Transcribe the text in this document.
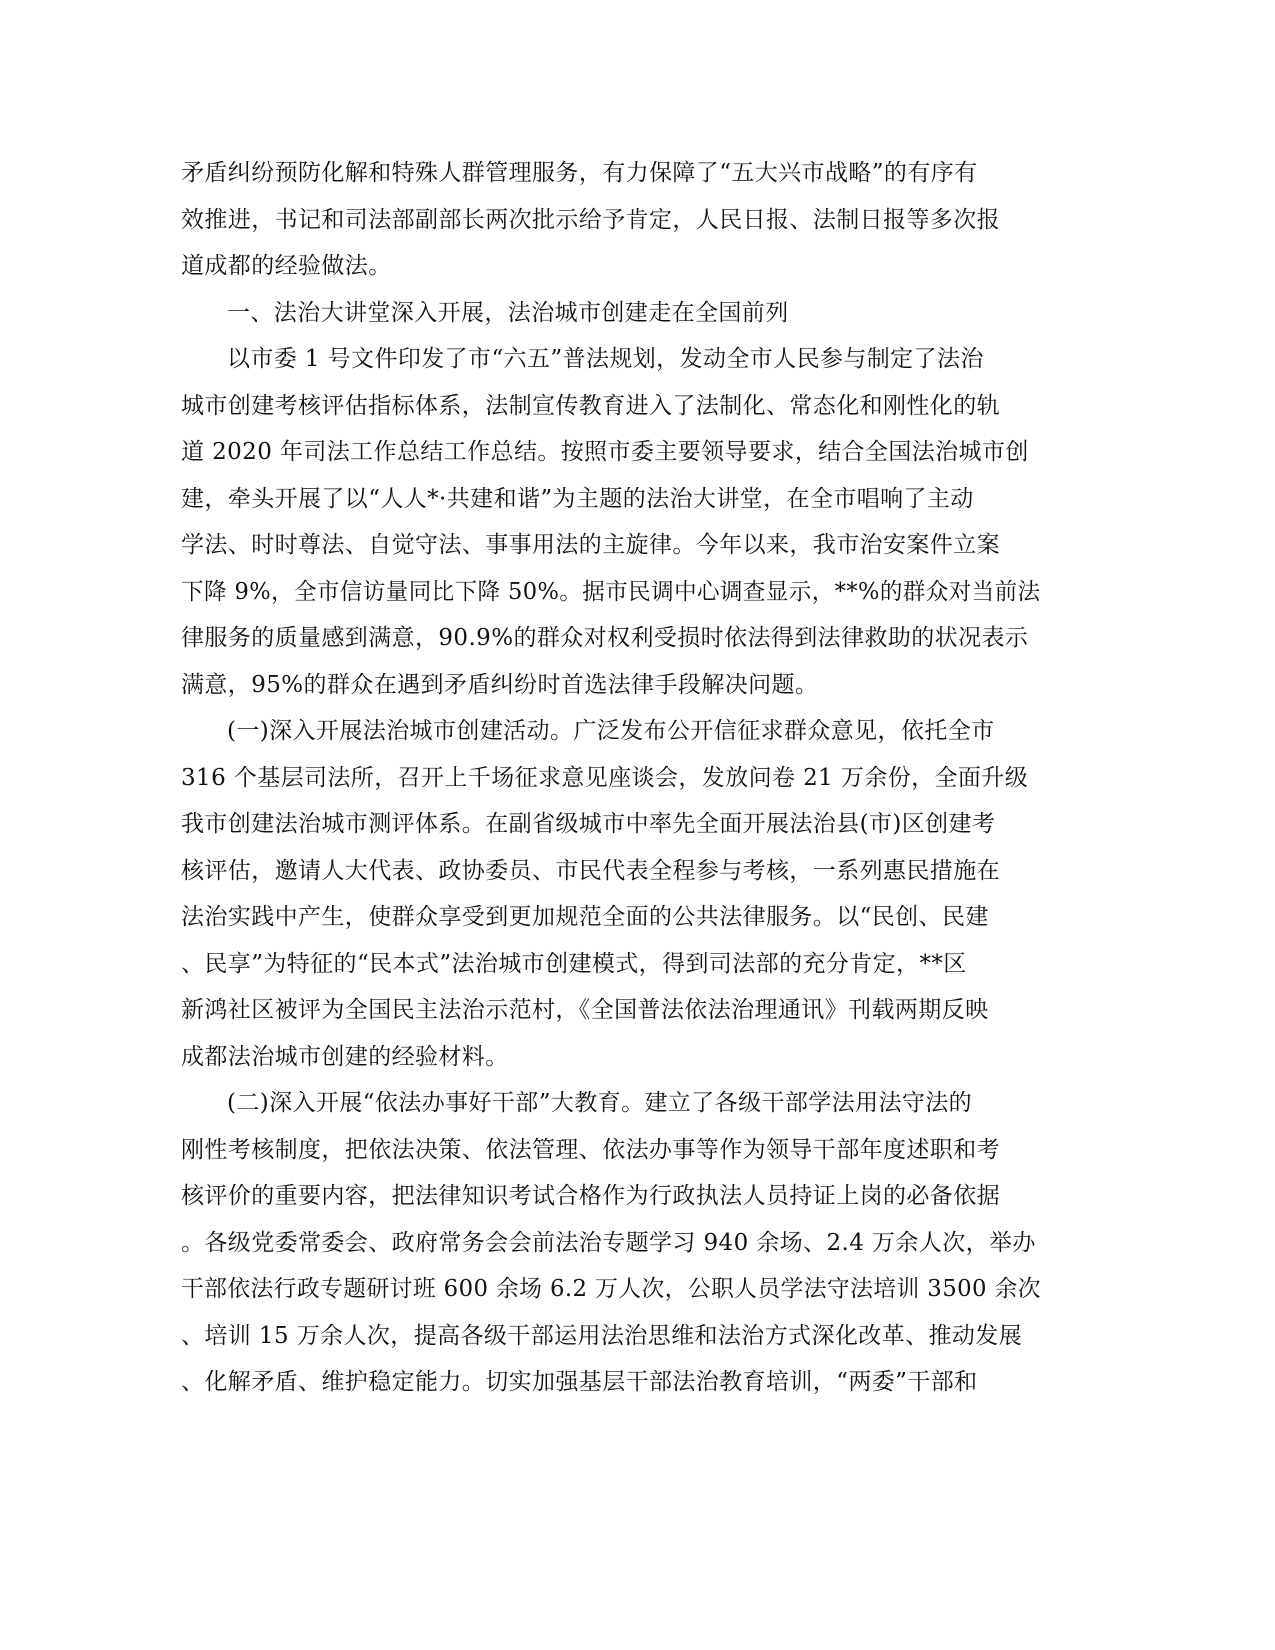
矛盾纠纷预防化解和特殊人群管理服务，有力保障了“五大兴市战略”的有序有
效推进，书记和司法部副部长两次批示给予肯定，人民日报、法制日报等多次报
道成都的经验做法。
一、法治大讲堂深入开展，法治城市创建走在全国前列
以市委 1 号文件印发了市“六五”普法规划，发动全市人民参与制定了法治
城市创建考核评估指标体系，法制宣传教育进入了法制化、常态化和刚性化的轨
道 2020 年司法工作总结工作总结。按照市委主要领导要求，结合全国法治城市创
建，牵头开展了以“人人*·共建和谐”为主题的法治大讲堂，在全市唱响了主动
学法、时时尊法、自觉守法、事事用法的主旋律。今年以来，我市治安案件立案
下降 9%，全市信访量同比下降 50%。据市民调中心调查显示，**%的群众对当前法
律服务的质量感到满意，90.9%的群众对权利受损时依法得到法律救助的状况表示
满意，95%的群众在遇到矛盾纠纷时首选法律手段解决问题。
(一)深入开展法治城市创建活动。广泛发布公开信征求群众意见，依托全市
316 个基层司法所，召开上千场征求意见座谈会，发放问卷 21 万余份，全面升级
我市创建法治城市测评体系。在副省级城市中率先全面开展法治县(市)区创建考
核评估，邀请人大代表、政协委员、市民代表全程参与考核，一系列惠民措施在
法治实践中产生，使群众享受到更加规范全面的公共法律服务。以“民创、民建
、民享”为特征的“民本式”法治城市创建模式，得到司法部的充分肯定，**区
新鸿社区被评为全国民主法治示范村，《全国普法依法治理通讯》刊载两期反映
成都法治城市创建的经验材料。
(二)深入开展“依法办事好干部”大教育。建立了各级干部学法用法守法的
刚性考核制度，把依法决策、依法管理、依法办事等作为领导干部年度述职和考
核评价的重要内容，把法律知识考试合格作为行政执法人员持证上岗的必备依据
。各级党委常委会、政府常务会会前法治专题学习 940 余场、2.4 万余人次，举办
干部依法行政专题研讨班 600 余场 6.2 万人次，公职人员学法守法培训 3500 余次
、培训 15 万余人次，提高各级干部运用法治思维和法治方式深化改革、推动发展
、化解矛盾、维护稳定能力。切实加强基层干部法治教育培训，“两委”干部和
